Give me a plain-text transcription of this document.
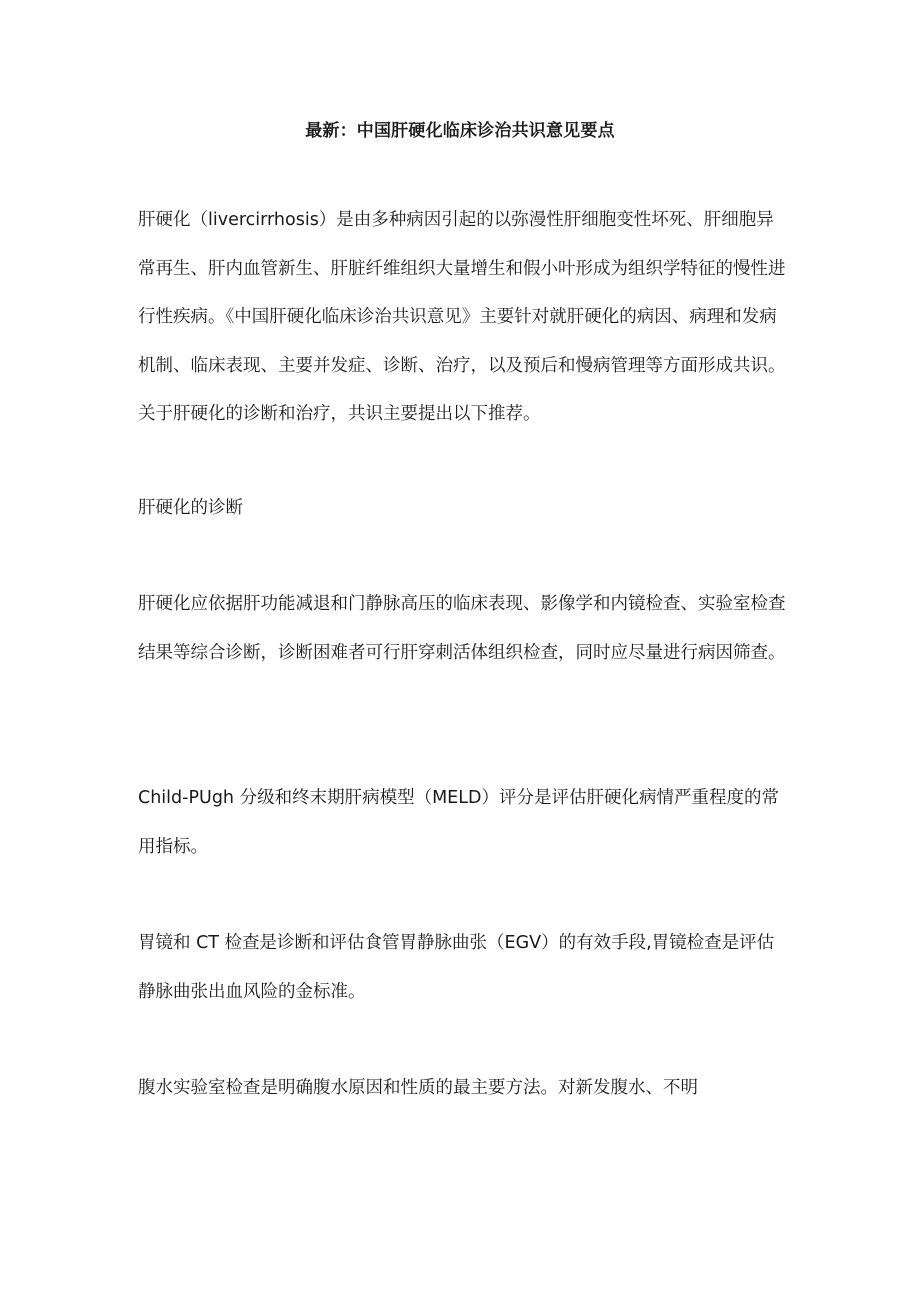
最新：中国肝硬化临床诊治共识意见要点

肝硬化（livercirrhosis）是由多种病因引起的以弥漫性肝细胞变性坏死、肝细胞异常再生、肝内血管新生、肝脏纤维组织大量增生和假小叶形成为组织学特征的慢性进行性疾病。《中国肝硬化临床诊治共识意见》主要针对就肝硬化的病因、病理和发病机制、临床表现、主要并发症、诊断、治疗，以及预后和慢病管理等方面形成共识。关于肝硬化的诊断和治疗，共识主要提出以下推荐。

肝硬化的诊断

肝硬化应依据肝功能减退和门静脉高压的临床表现、影像学和内镜检查、实验室检查结果等综合诊断，诊断困难者可行肝穿刺活体组织检查，同时应尽量进行病因筛查。

Child-PUgh 分级和终末期肝病模型（MELD）评分是评估肝硬化病情严重程度的常用指标。

胃镜和 CT 检查是诊断和评估食管胃静脉曲张（EGV）的有效手段,胃镜检查是评估静脉曲张出血风险的金标准。

腹水实验室检查是明确腹水原因和性质的最主要方法。对新发腹水、不明
